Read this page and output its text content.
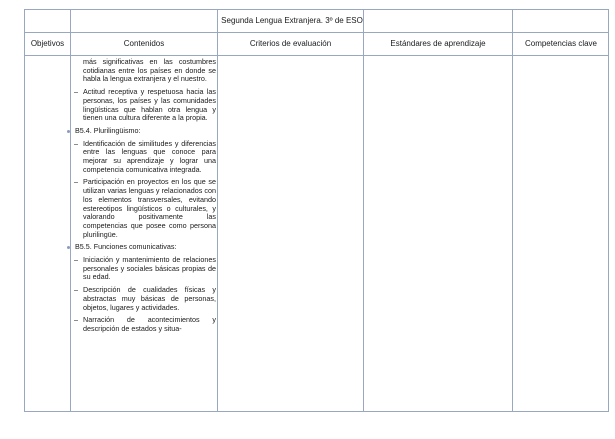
Segunda Lengua Extranjera. 3º de ESO
Objetivos	Contenidos	Criterios de evaluación	Estándares de aprendizaje	Competencias clave
más significativas en las costumbres cotidianas entre los países en donde se habla la lengua extranjera y el nuestro.
– Actitud receptiva y respetuosa hacia las personas, los países y las comunidades lingüísticas que hablan otra lengua y tienen una cultura diferente a la propia.
B5.4. Plurilingüismo:
– Identificación de similitudes y diferencias entre las lenguas que conoce para mejorar su aprendizaje y lograr una competencia comunicativa integrada.
– Participación en proyectos en los que se utilizan varias lenguas y relacionados con los elementos transversales, evitando estereotipos lingüísticos o culturales, y valorando positivamente las competencias que posee como persona plurilingüe.
B5.5. Funciones comunicativas:
– Iniciación y mantenimiento de relaciones personales y sociales básicas propias de su edad.
– Descripción de cualidades físicas y abstractas muy básicas de personas, objetos, lugares y actividades.
– Narración de acontecimientos y descripción de estados y situa-
